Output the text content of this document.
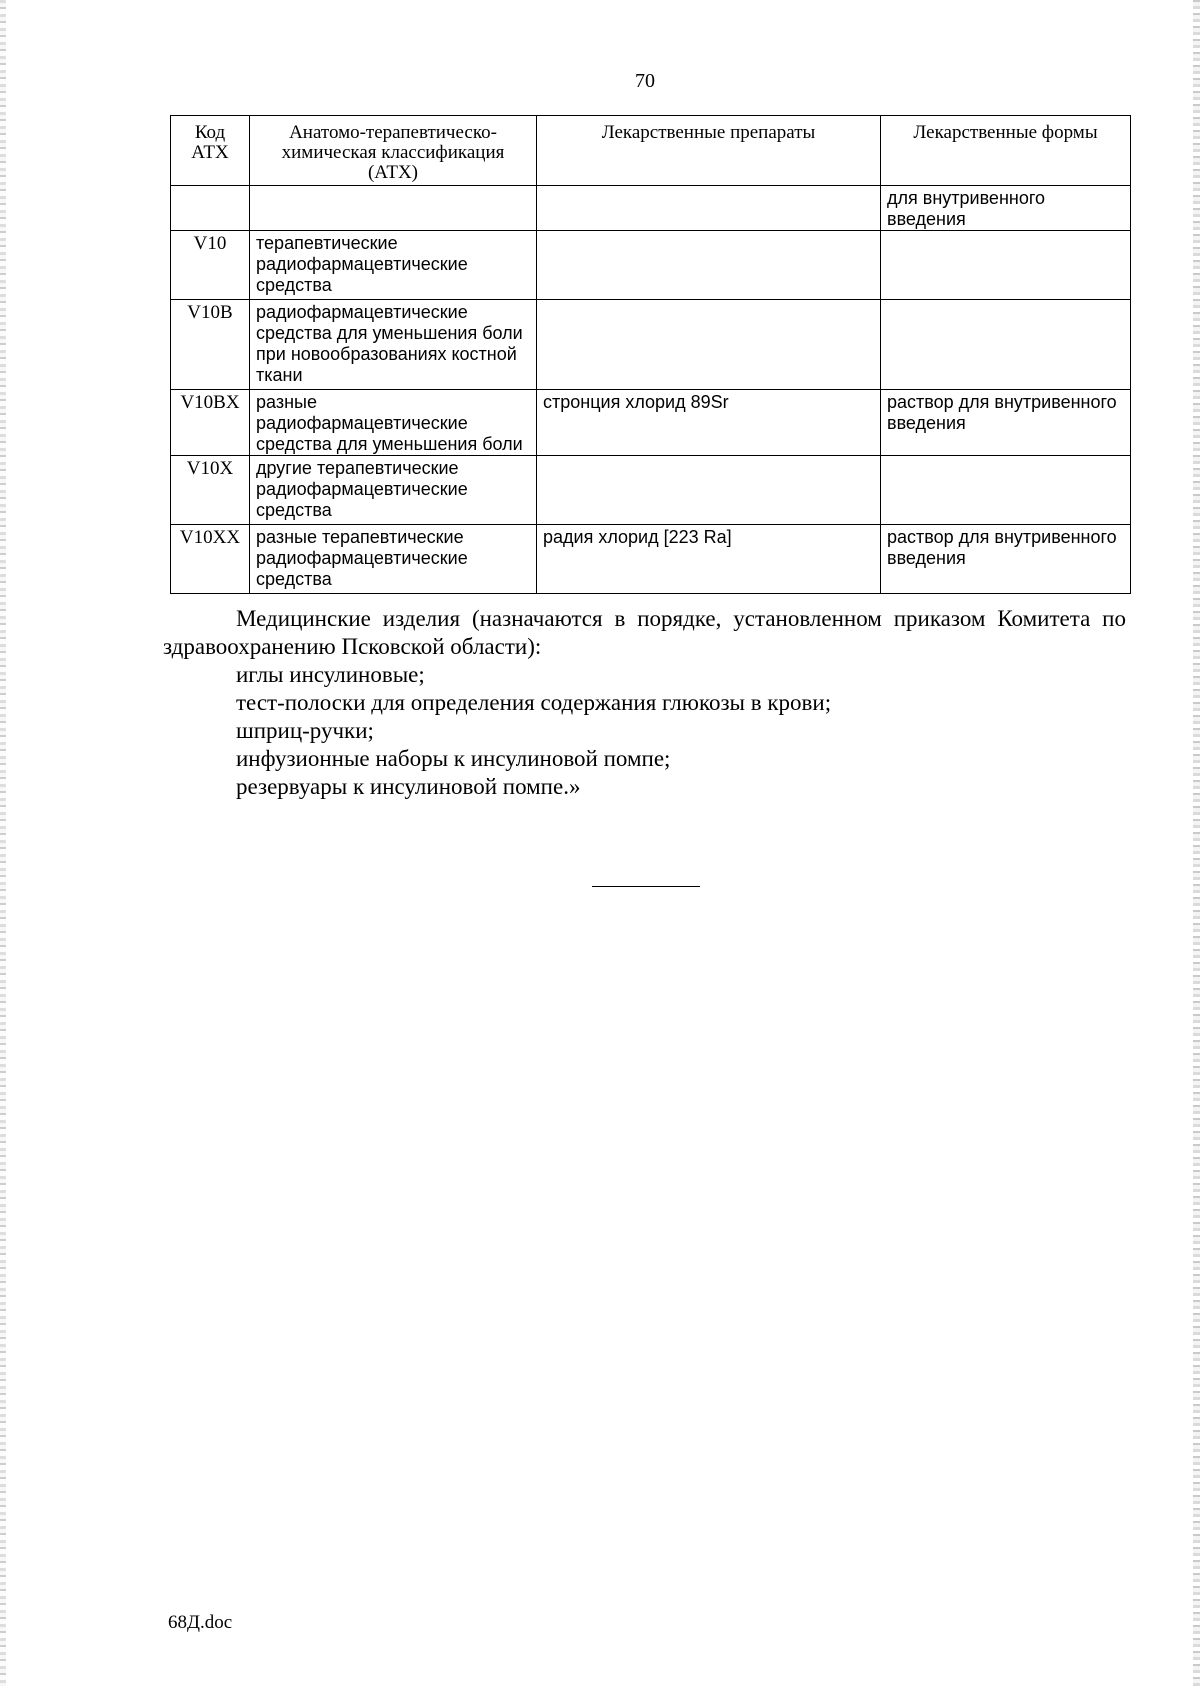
70
Код АТХ	Анатомо-терапевтическо-химическая классификация (АТХ)	Лекарственные препараты	Лекарственные формы
			для внутривенного введения
V10	терапевтические радиофармацевтические средства		
V10B	радиофармацевтические средства для уменьшения боли при новообразованиях костной ткани		
V10BX	разные радиофармацевтические средства для уменьшения боли	стронция хлорид 89Sr	раствор для внутривенного введения
V10X	другие терапевтические радиофармацевтические средства		
V10XX	разные терапевтические радиофармацевтические средства	радия хлорид [223 Ra]	раствор для внутривенного введения

Медицинские изделия (назначаются в порядке, установленном приказом Комитета по здравоохранению Псковской области):

иглы инсулиновые;

тест-полоски для определения содержания глюкозы в крови;

шприц-ручки;

инфузионные наборы к инсулиновой помпе;

резервуары к инсулиновой помпе.»

68Д.doc
